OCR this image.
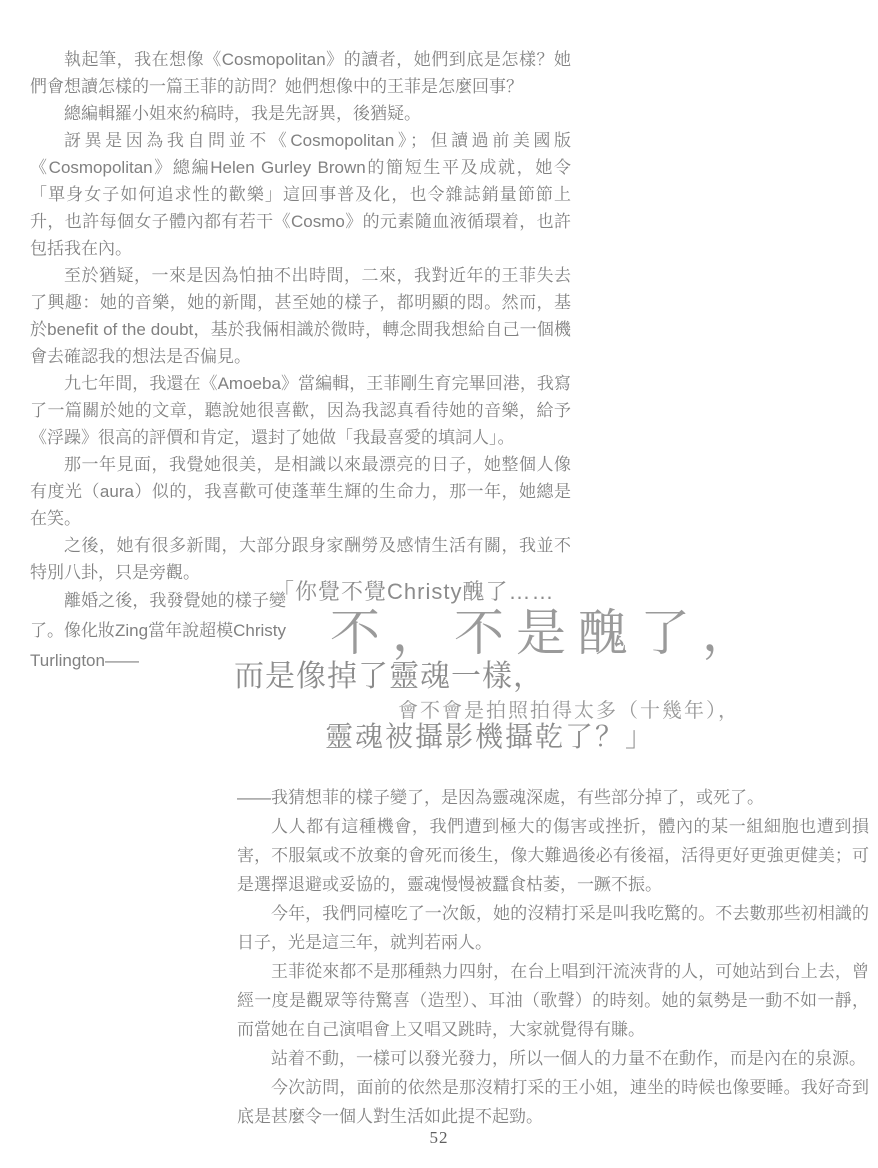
執起筆，我在想像《Cosmopolitan》的讀者，她們到底是怎樣？她們會想讀怎樣的一篇王菲的訪問？她們想像中的王菲是怎麼回事？

總編輯羅小姐來約稿時，我是先訝異，後猶疑。

訝異是因為我自問並不《Cosmopolitan》；但讀過前美國版《Cosmopolitan》總編Helen Gurley Brown的簡短生平及成就，她令「單身女子如何追求性的歡樂」這回事普及化，也令雜誌銷量節節上升，也許每個女子體內都有若干《Cosmo》的元素隨血液循環着，也許包括我在內。

至於猶疑，一來是因為怕抽不出時間，二來，我對近年的王菲失去了興趣：她的音樂，她的新聞，甚至她的樣子，都明顯的悶。然而，基於benefit of the doubt，基於我倆相識於微時，轉念間我想給自己一個機會去確認我的想法是否偏見。

九七年間，我還在《Amoeba》當編輯，王菲剛生育完畢回港，我寫了一篇關於她的文章，聽說她很喜歡，因為我認真看待她的音樂，給予《浮躁》很高的評價和肯定，還封了她做「我最喜愛的填詞人」。

那一年見面，我覺她很美，是相識以來最漂亮的日子，她整個人像有度光（aura）似的，我喜歡可使蓬華生輝的生命力，那一年，她總是在笑。

之後，她有很多新聞，大部分跟身家酬勞及感情生活有關，我並不特別八卦，只是旁觀。

離婚之後，我發覺她的樣子變了。像化妝Zing當年說超模Christy Turlington——

「你覺不覺Christy醜了……
不，不是醜了，
而是像掉了靈魂一樣，
會不會是拍照拍得太多（十幾年），
靈魂被攝影機攝乾了？」

——我猜想菲的樣子變了，是因為靈魂深處，有些部分掉了，或死了。

人人都有這種機會，我們遭到極大的傷害或挫折，體內的某一組細胞也遭到損害，不服氣或不放棄的會死而後生，像大難過後必有後福，活得更好更強更健美；可是選擇退避或妥協的，靈魂慢慢被蠶食枯萎，一蹶不振。

今年，我們同檯吃了一次飯，她的沒精打采是叫我吃驚的。不去數那些初相識的日子，光是這三年，就判若兩人。

王菲從來都不是那種熱力四射，在台上唱到汗流浹背的人，可她站到台上去，曾經一度是觀眾等待驚喜（造型）、耳油（歌聲）的時刻。她的氣勢是一動不如一靜，而當她在自己演唱會上又唱又跳時，大家就覺得有賺。

站着不動，一樣可以發光發力，所以一個人的力量不在動作，而是內在的泉源。

今次訪問，面前的依然是那沒精打采的王小姐，連坐的時候也像要睡。我好奇到底是甚麼令一個人對生活如此提不起勁。

52
